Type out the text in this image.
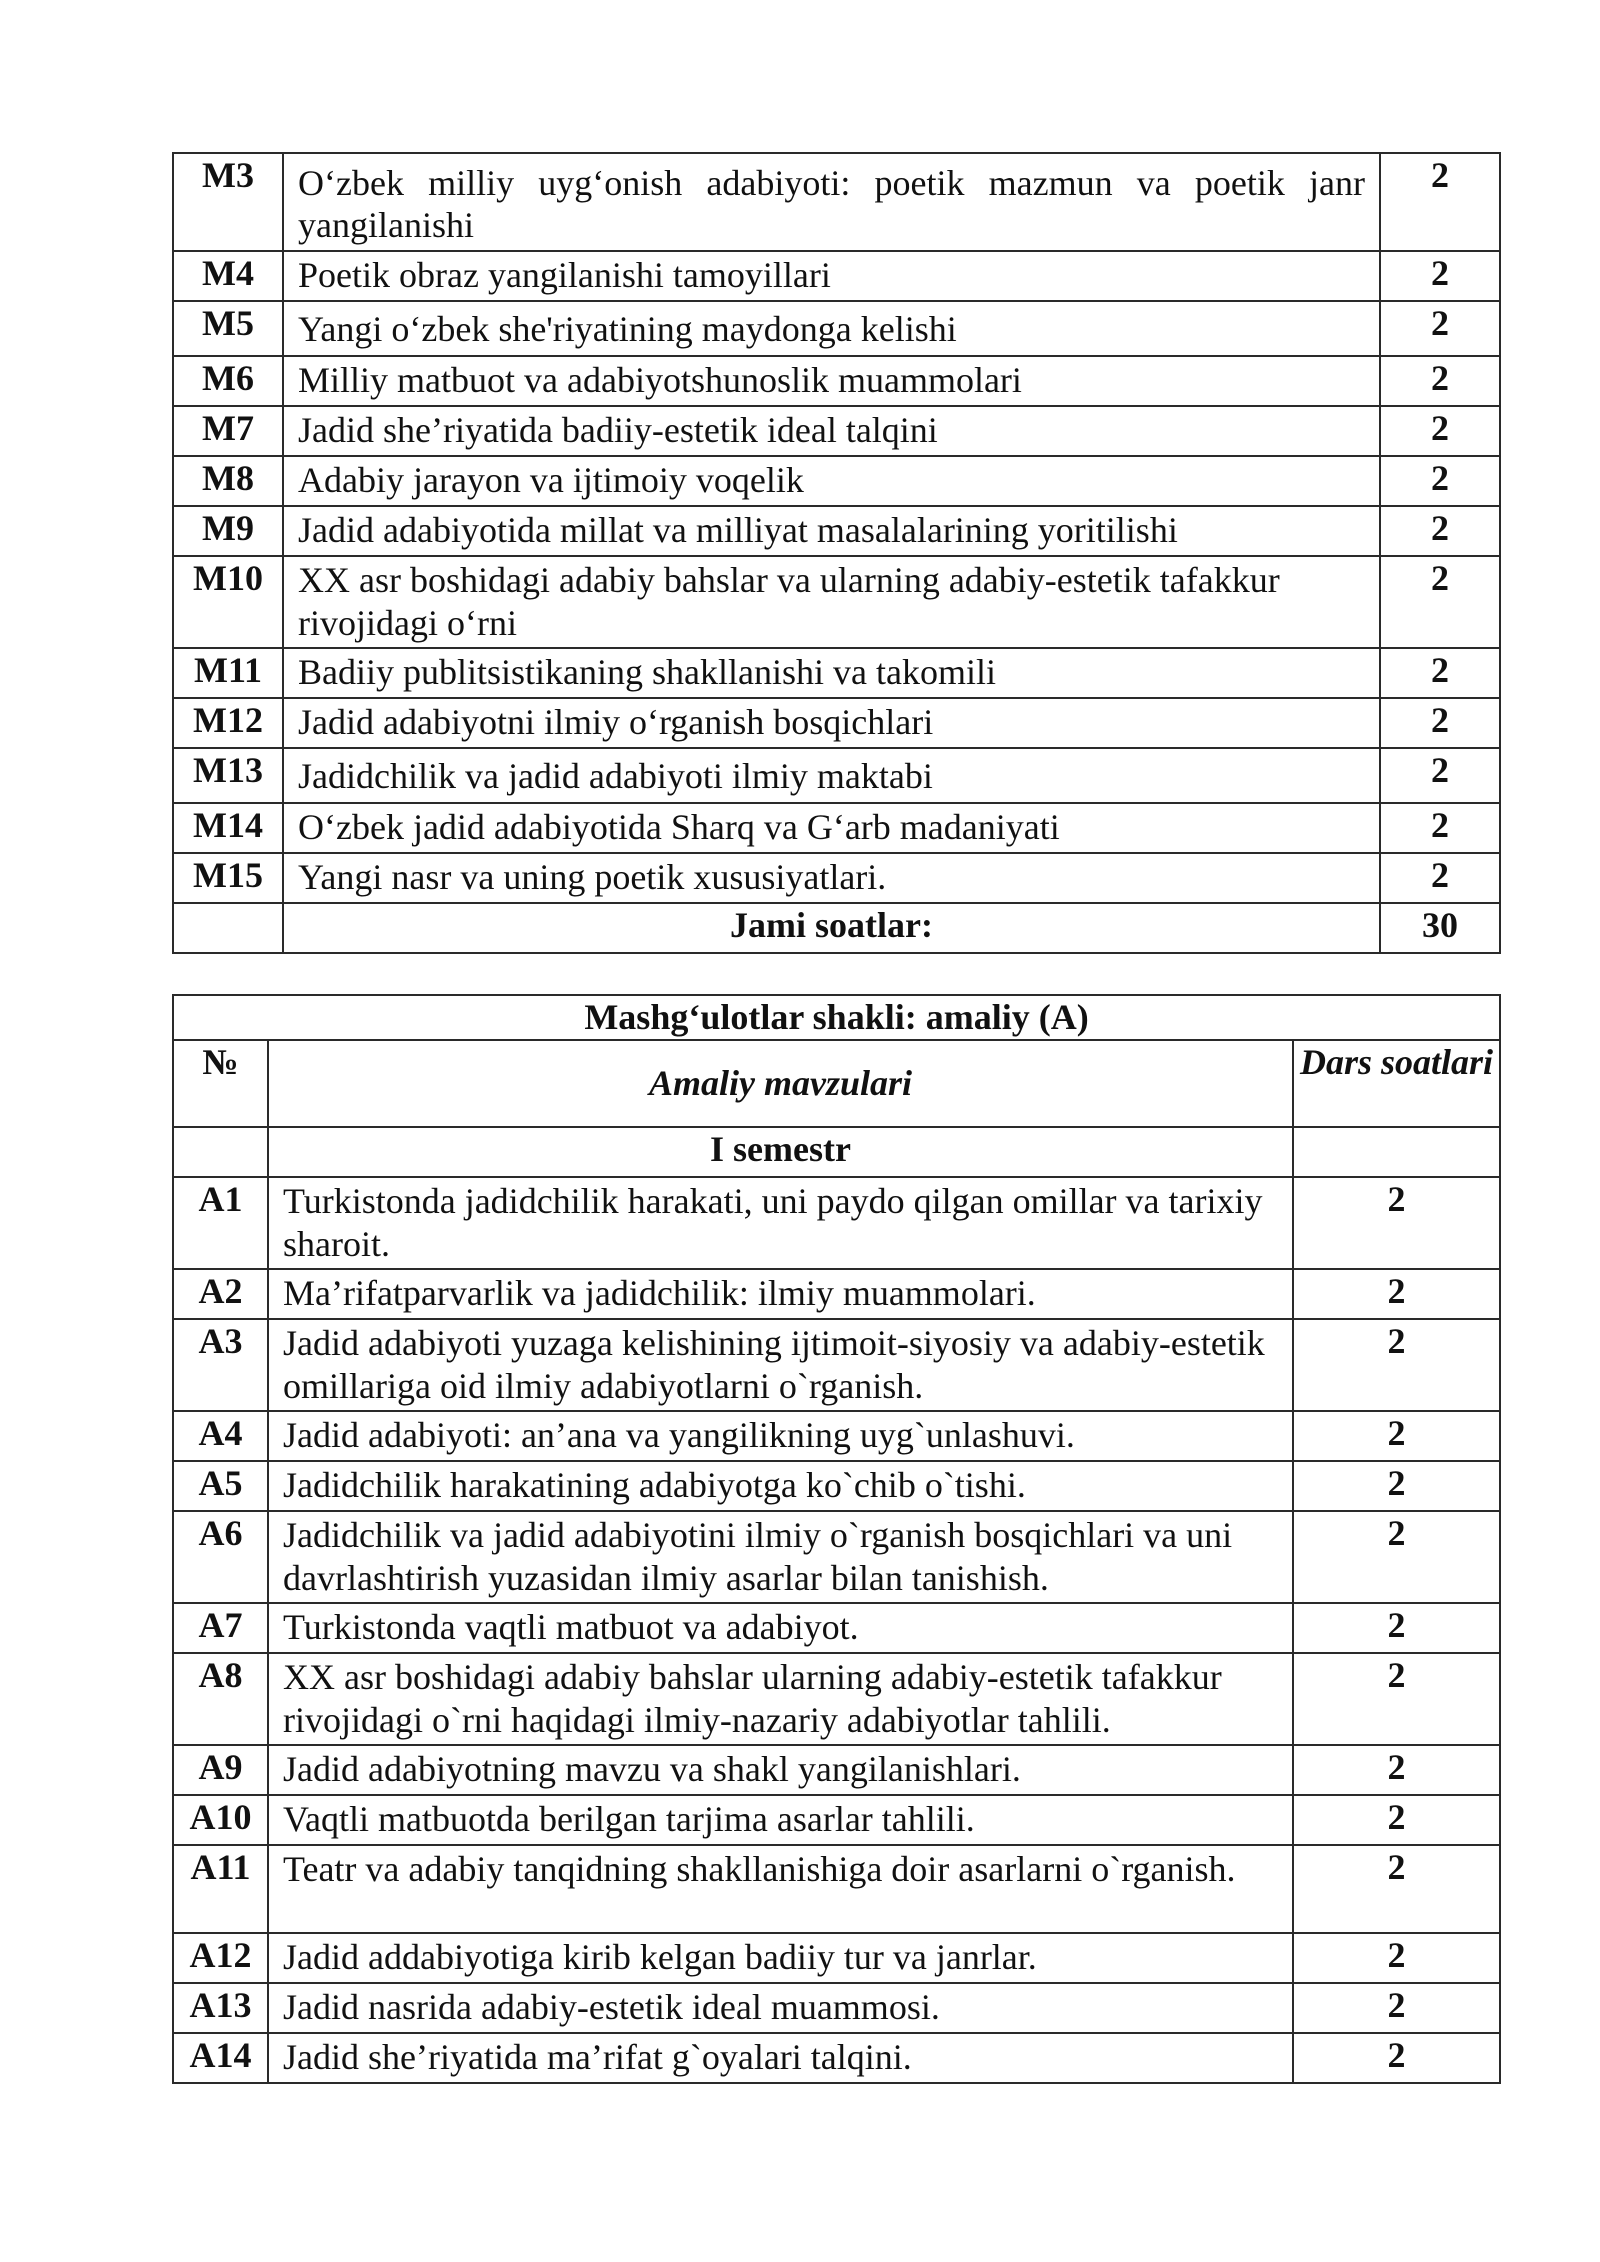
M3	O‘zbek milliy uyg‘onish adabiyoti: poetik mazmun va poetik janr yangilanishi	2
M4	Poetik obraz yangilanishi tamoyillari	2
M5	Yangi o‘zbek she'riyatining maydonga kelishi	2
M6	Milliy matbuot va adabiyotshunoslik muammolari	2
M7	Jadid she’riyatida badiiy-estetik ideal talqini	2
M8	Adabiy jarayon va ijtimoiy voqelik	2
M9	Jadid adabiyotida millat va milliyat masalalarining yoritilishi	2
M10	XX asr boshidagi adabiy bahslar va ularning adabiy-estetik tafakkur rivojidagi o‘rni	2
M11	Badiiy publitsistikaning shakllanishi va takomili	2
M12	Jadid adabiyotni ilmiy o‘rganish bosqichlari	2
M13	Jadidchilik va jadid adabiyoti ilmiy maktabi	2
M14	O‘zbek jadid adabiyotida Sharq va G‘arb madaniyati	2
M15	Yangi nasr va uning poetik xususiyatlari.	2
	Jami soatlar:	30
Mashg‘ulotlar shakli: amaliy (A)		
№	Amaliy mavzulari	Dars soatlari
	I semestr	
A1	Turkistonda jadidchilik harakati, uni paydo qilgan omillar va tarixiy sharoit.	2
A2	Ma’rifatparvarlik va jadidchilik: ilmiy muammolari.	2
A3	Jadid adabiyoti yuzaga kelishining ijtimoit-siyosiy va adabiy-estetik omillariga oid ilmiy adabiyotlarni o`rganish.	2
A4	Jadid adabiyoti: an’ana va yangilikning uyg`unlashuvi.	2
A5	Jadidchilik harakatining adabiyotga ko`chib o`tishi.	2
A6	Jadidchilik va jadid adabiyotini ilmiy o`rganish bosqichlari va uni davrlashtirish yuzasidan ilmiy asarlar bilan tanishish.	2
A7	Turkistonda vaqtli matbuot va adabiyot.	2
A8	XX asr boshidagi adabiy bahslar ularning adabiy-estetik tafakkur rivojidagi o`rni haqidagi ilmiy-nazariy adabiyotlar tahlili.	2
A9	Jadid adabiyotning mavzu va shakl yangilanishlari.	2
A10	Vaqtli matbuotda berilgan tarjima asarlar tahlili.	2
A11	Teatr va adabiy tanqidning shakllanishiga doir asarlarni o`rganish.	2
A12	Jadid addabiyotiga kirib kelgan badiiy tur va janrlar.	2
A13	Jadid nasrida adabiy-estetik ideal muammosi.	2
A14	Jadid she’riyatida ma’rifat g`oyalari talqini.	2
